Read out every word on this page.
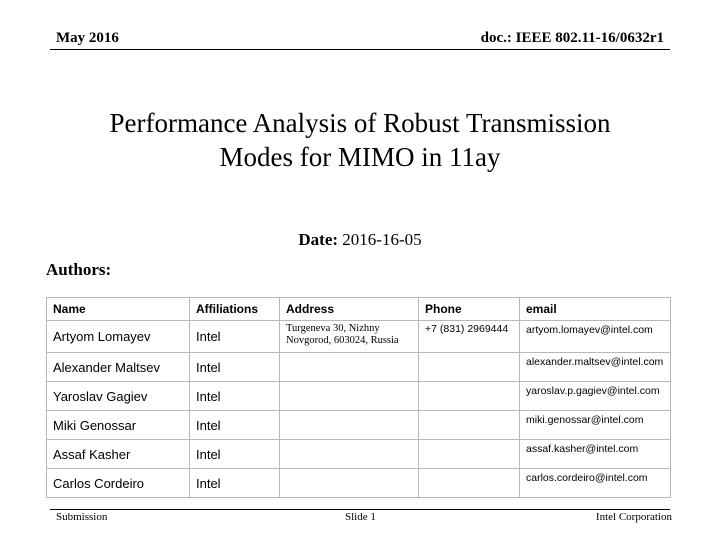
May 2016	doc.: IEEE 802.11-16/0632r1
Performance Analysis of Robust Transmission
Modes for MIMO in 11ay
Date: 2016-16-05
Authors:
Name	Affiliations	Address	Phone	email
Artyom Lomayev	Intel	Turgeneva 30, Nizhny Novgorod, 603024, Russia	+7 (831) 2969444	artyom.lomayev@intel.com
Alexander Maltsev	Intel			alexander.maltsev@intel.com
Yaroslav Gagiev	Intel			yaroslav.p.gagiev@intel.com
Miki Genossar	Intel			miki.genossar@intel.com
Assaf Kasher	Intel			assaf.kasher@intel.com
Carlos Cordeiro	Intel			carlos.cordeiro@intel.com
Submission	Slide 1	Intel Corporation
